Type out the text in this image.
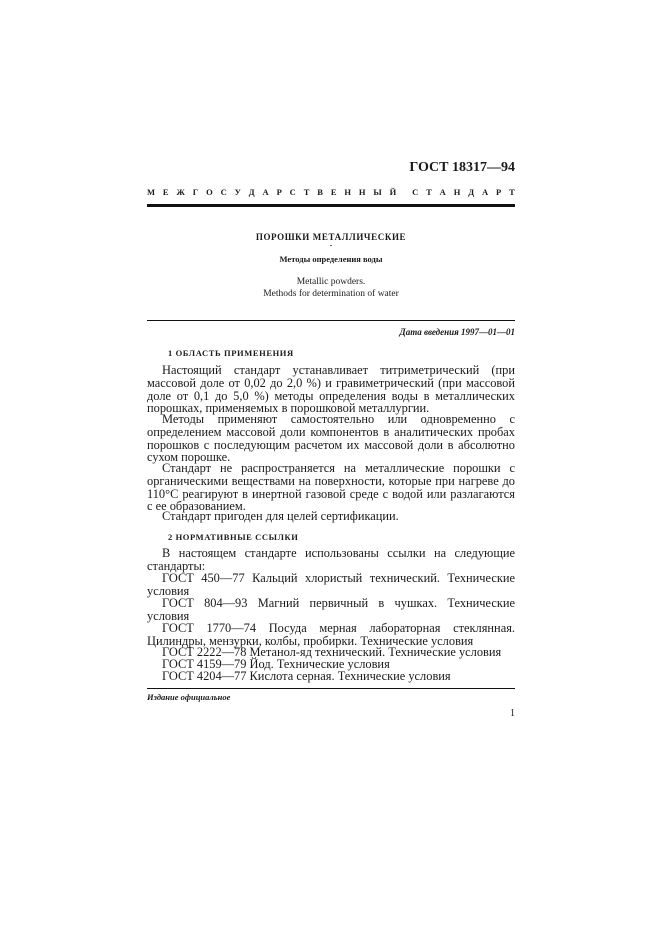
ГОСТ 18317—94
М Е Ж Г О С У Д А Р С Т В Е Н Н Ы Й С Т А Н Д А Р Т
ПОРОШКИ МЕТАЛЛИЧЕСКИЕ
Методы определения воды
Metallic powders.
Methods for determination of water
Дата введения 1997—01—01
1 ОБЛАСТЬ ПРИМЕНЕНИЯ

Настоящий стандарт устанавливает титриметрический (при массовой доле от 0,02 до 2,0 %) и гравиметрический (при массовой доле от 0,1 до 5,0 %) методы определения воды в металлических порошках, применяемых в порошковой металлургии.

Методы применяют самостоятельно или одновременно с определением массовой доли компонентов в аналитических пробах порошков с последующим расчетом их массовой доли в абсолютно сухом порошке.

Стандарт не распространяется на металлические порошки с органическими веществами на поверхности, которые при нагреве до 110°С реагируют в инертной газовой среде с водой или разлагаются с ее образованием.

Стандарт пригоден для целей сертификации.

2 НОРМАТИВНЫЕ ССЫЛКИ

В настоящем стандарте использованы ссылки на следующие стандарты:

ГОСТ 450—77 Кальций хлористый технический. Технические условия

ГОСТ 804—93 Магний первичный в чушках. Технические условия

ГОСТ 1770—74 Посуда мерная лабораторная стеклянная. Цилиндры, мензурки, колбы, пробирки. Технические условия

ГОСТ 2222—78 Метанол-яд технический. Технические условия

ГОСТ 4159—79 Йод. Технические условия

ГОСТ 4204—77 Кислота серная. Технические условия

Издание официальное
1
